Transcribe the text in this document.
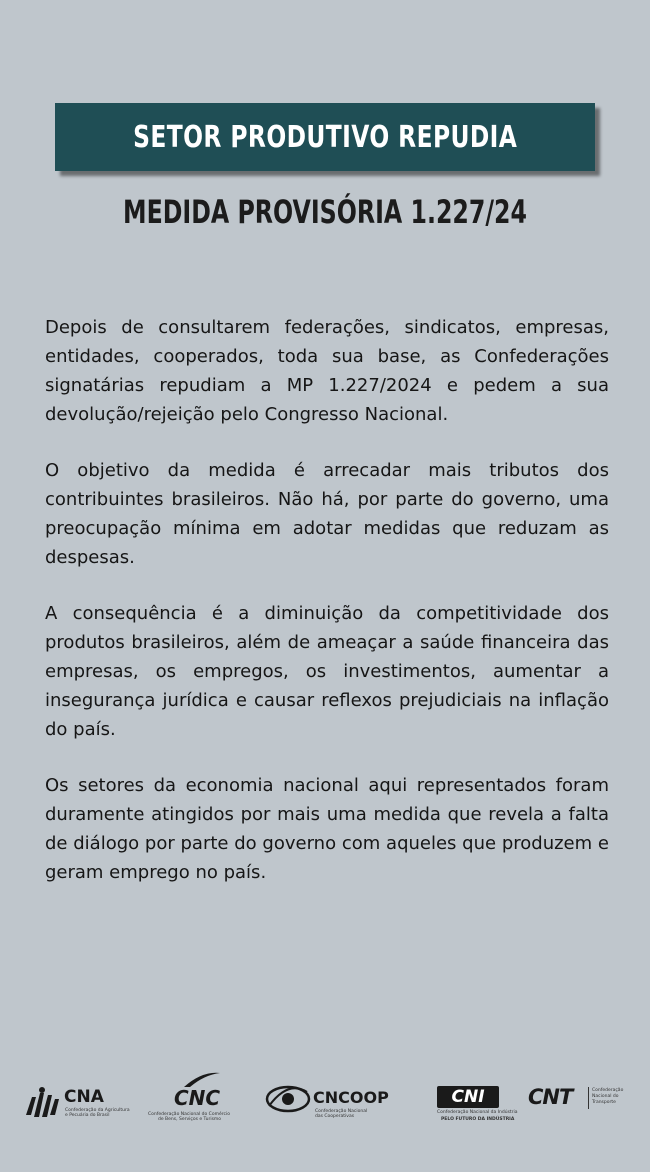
SETOR PRODUTIVO REPUDIA
MEDIDA PROVISÓRIA 1.227/24

Depois de consultarem federações, sindicatos, empresas, entidades, cooperados, toda sua base, as Confederações signatárias repudiam a MP 1.227/2024 e pedem a sua devolução/rejeição pelo Congresso Nacional.

O objetivo da medida é arrecadar mais tributos dos contribuintes brasileiros. Não há, por parte do governo, uma preocupação mínima em adotar medidas que reduzam as despesas.

A consequência é a diminuição da competitividade dos produtos brasileiros, além de ameaçar a saúde financeira das empresas, os empregos, os investimentos, aumentar a insegurança jurídica e causar reflexos prejudiciais na inflação do país.

Os setores da economia nacional aqui representados foram duramente atingidos por mais uma medida que revela a falta de diálogo por parte do governo com aqueles que produzem e geram emprego no país.

CNA
Confederação da Agricultura
e Pecuária do Brasil
CNC
Confederação Nacional do Comércio
de Bens, Serviços e Turismo
CNCOOP
Confederação Nacional
das Cooperativas
CNI
Confederação Nacional da Indústria
PELO FUTURO DA INDÚSTRIA
CNT	Confederação
Nacional do
Transporte
